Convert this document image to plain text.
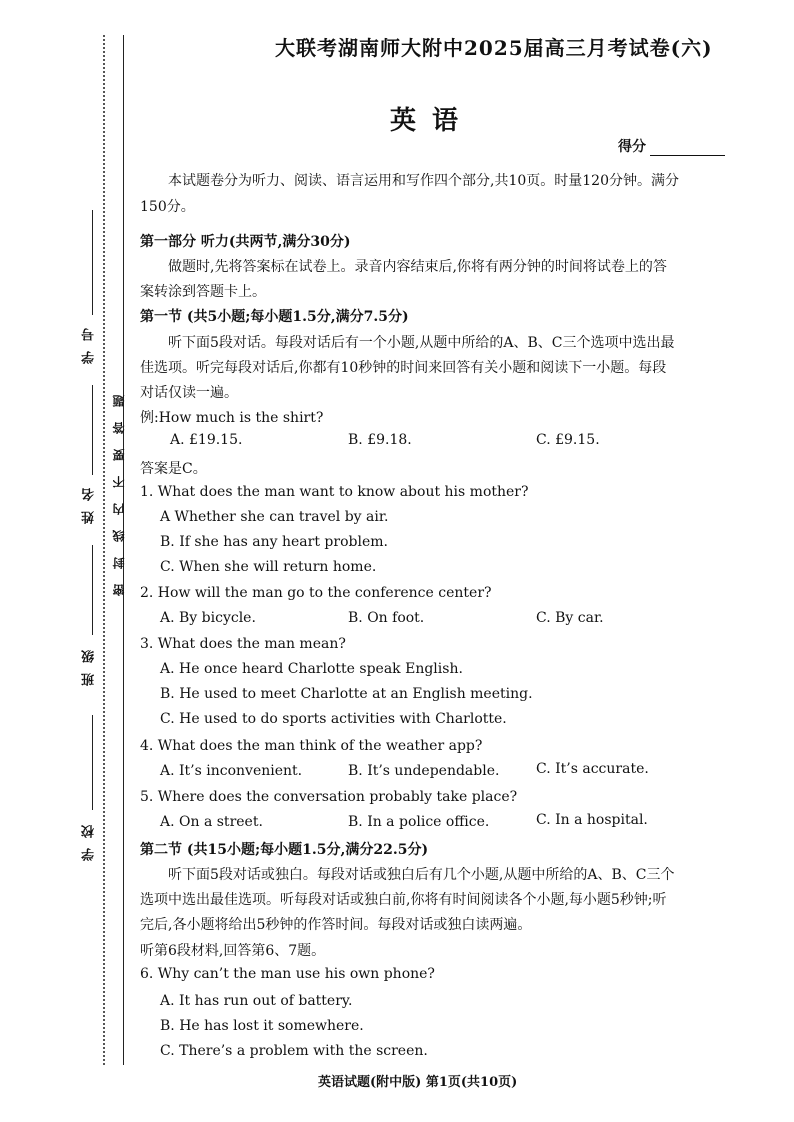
密封线内不要答题
学号
姓名
班级
学校
大联考湖南师大附中2025届高三月考试卷(六)
英语
得分
本试题卷分为听力、阅读、语言运用和写作四个部分,共10页。时量120分钟。满分
150分。
第一部分 听力(共两节,满分30分)
做题时,先将答案标在试卷上。录音内容结束后,你将有两分钟的时间将试卷上的答
案转涂到答题卡上。
第一节 (共5小题;每小题1.5分,满分7.5分)
听下面5段对话。每段对话后有一个小题,从题中所给的A、B、C三个选项中选出最
佳选项。听完每段对话后,你都有10秒钟的时间来回答有关小题和阅读下一小题。每段
对话仅读一遍。
例:How much is the shirt?
A. £19.15.	B. £9.18.	C. £9.15.
答案是C。
1. What does the man want to know about his mother?
A Whether she can travel by air.
B. If she has any heart problem.
C. When she will return home.
2. How will the man go to the conference center?
A. By bicycle.	B. On foot.	C. By car.
3. What does the man mean?
A. He once heard Charlotte speak English.
B. He used to meet Charlotte at an English meeting.
C. He used to do sports activities with Charlotte.
4. What does the man think of the weather app?
A. It’s inconvenient.	B. It’s undependable.	C. It’s accurate.
5. Where does the conversation probably take place?
A. On a street.	B. In a police office.	C. In a hospital.
第二节 (共15小题;每小题1.5分,满分22.5分)
听下面5段对话或独白。每段对话或独白后有几个小题,从题中所给的A、B、C三个
选项中选出最佳选项。听每段对话或独白前,你将有时间阅读各个小题,每小题5秒钟;听
完后,各小题将给出5秒钟的作答时间。每段对话或独白读两遍。
听第6段材料,回答第6、7题。
6. Why can’t the man use his own phone?
A. It has run out of battery.
B. He has lost it somewhere.
C. There’s a problem with the screen.
英语试题(附中版) 第1页(共10页)
